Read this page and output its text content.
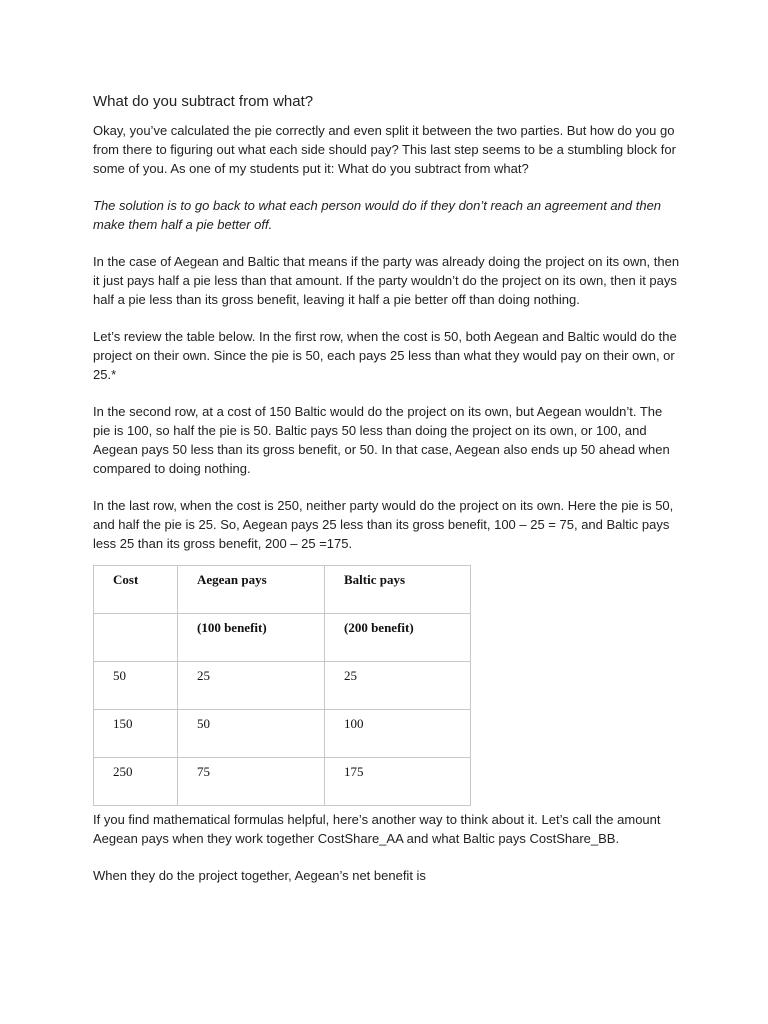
What do you subtract from what?

Okay, you’ve calculated the pie correctly and even split it between the two parties. But how do you go from there to figuring out what each side should pay? This last step seems to be a stumbling block for some of you. As one of my students put it: What do you subtract from what?

The solution is to go back to what each person would do if they don’t reach an agreement and then make them half a pie better off.

In the case of Aegean and Baltic that means if the party was already doing the project on its own, then it just pays half a pie less than that amount. If the party wouldn’t do the project on its own, then it pays half a pie less than its gross benefit, leaving it half a pie better off than doing nothing.

Let’s review the table below. In the first row, when the cost is 50, both Aegean and Baltic would do the project on their own. Since the pie is 50, each pays 25 less than what they would pay on their own, or 25.*

In the second row, at a cost of 150 Baltic would do the project on its own, but Aegean wouldn’t. The pie is 100, so half the pie is 50. Baltic pays 50 less than doing the project on its own, or 100, and Aegean pays 50 less than its gross benefit, or 50. In that case, Aegean also ends up 50 ahead when compared to doing nothing.

In the last row, when the cost is 250, neither party would do the project on its own. Here the pie is 50, and half the pie is 25. So, Aegean pays 25 less than its gross benefit, 100 – 25 = 75, and Baltic pays less 25 than its gross benefit, 200 – 25 =175.

Cost	Aegean pays	Baltic pays
	(100 benefit)	(200 benefit)
50	25	25
150	50	100
250	75	175

If you find mathematical formulas helpful, here’s another way to think about it. Let’s call the amount Aegean pays when they work together CostShare_AA and what Baltic pays CostShare_BB.

When they do the project together, Aegean’s net benefit is
